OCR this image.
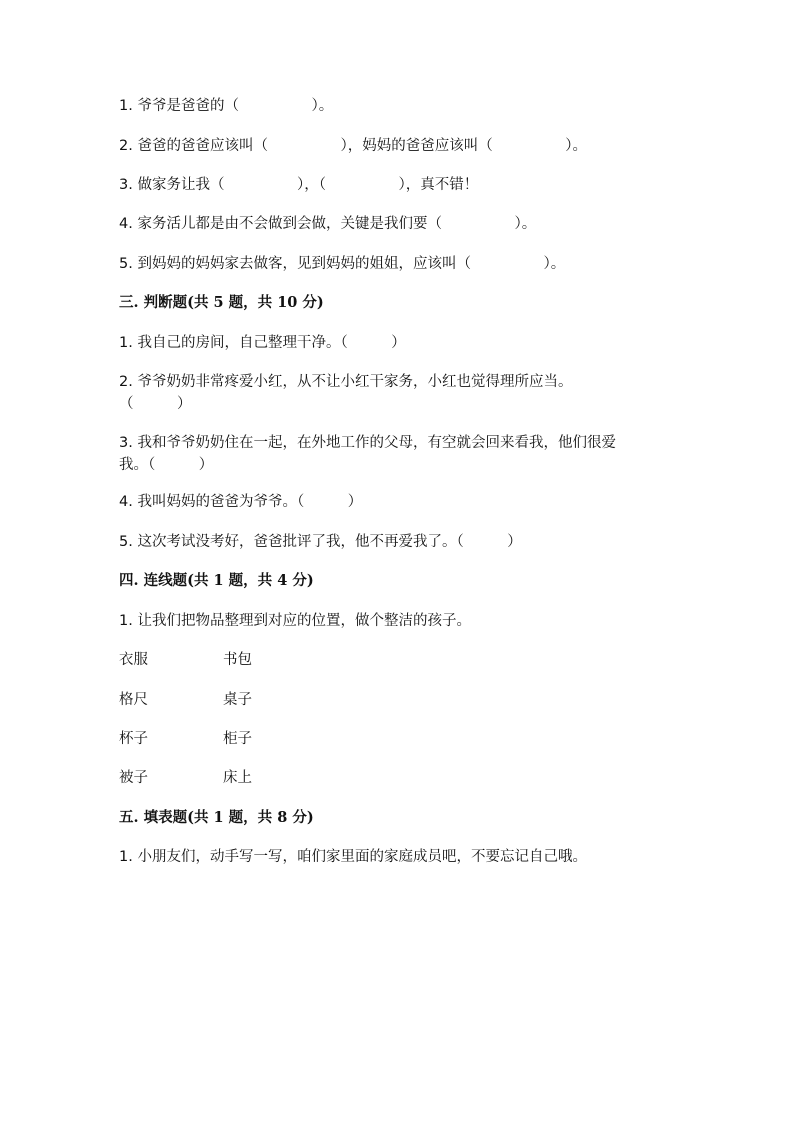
1. 爷爷是爸爸的（　　　　　）。
2. 爸爸的爸爸应该叫（　　　　　），妈妈的爸爸应该叫（　　　　　）。
3. 做家务让我（　　　　　），（　　　　　），真不错！
4. 家务活儿都是由不会做到会做，关键是我们要（　　　　　）。
5. 到妈妈的妈妈家去做客，见到妈妈的姐姐，应该叫（　　　　　）。
三. 判断题(共 5 题，共 10 分)
1. 我自己的房间，自己整理干净。（　　　）
2. 爷爷奶奶非常疼爱小红，从不让小红干家务，小红也觉得理所应当。
（　　　）
3. 我和爷爷奶奶住在一起，在外地工作的父母，有空就会回来看我，他们很爱
我。（　　　）
4. 我叫妈妈的爸爸为爷爷。（　　　）
5. 这次考试没考好，爸爸批评了我，他不再爱我了。（　　　）
四. 连线题(共 1 题，共 4 分)
1. 让我们把物品整理到对应的位置，做个整洁的孩子。
衣服	书包
格尺	桌子
杯子	柜子
被子	床上
五. 填表题(共 1 题，共 8 分)
1. 小朋友们，动手写一写，咱们家里面的家庭成员吧，不要忘记自己哦。
